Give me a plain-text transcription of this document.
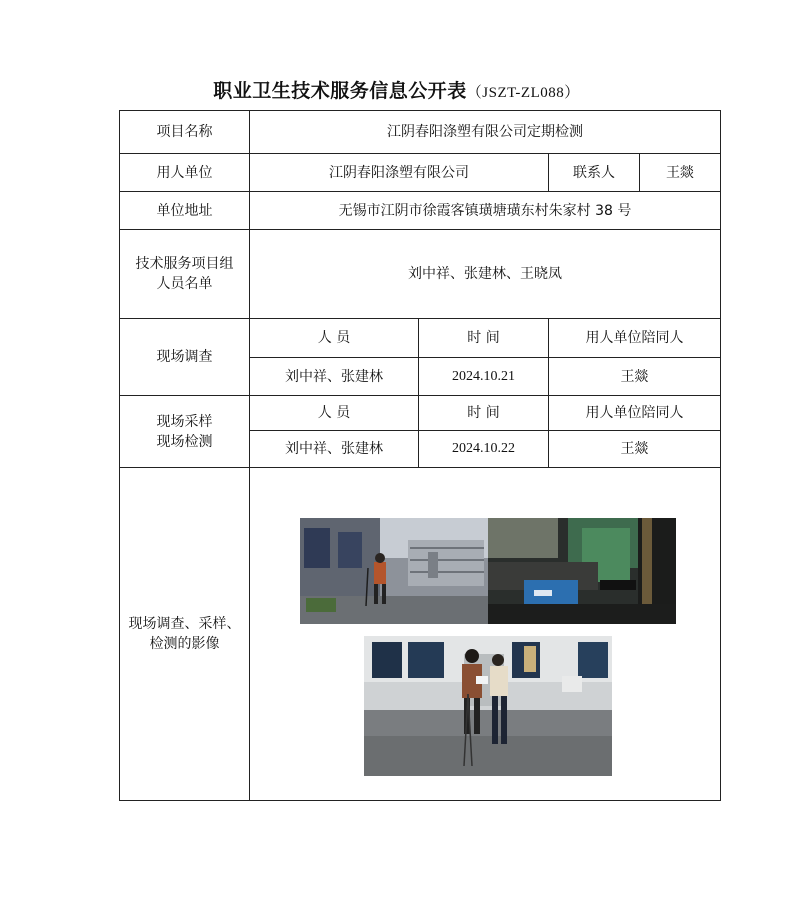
职业卫生技术服务信息公开表（JSZT-ZL088）
项目名称	江阴春阳涤塑有限公司定期检测			
用人单位	江阴春阳涤塑有限公司		联系人	王燚
单位地址	无锡市江阴市徐霞客镇璜塘璜东村朱家村 38 号			

技术服务项目组
人员名单	刘中祥、张建林、王晓凤			
现场调查	人 员	时 间	用人单位陪同人	
	刘中祥、张建林	2024.10.21	王燚	

现场采样
现场检测	人 员	时 间	用人单位陪同人	
	刘中祥、张建林	2024.10.22	王燚	

现场调查、采样、
检测的影像
